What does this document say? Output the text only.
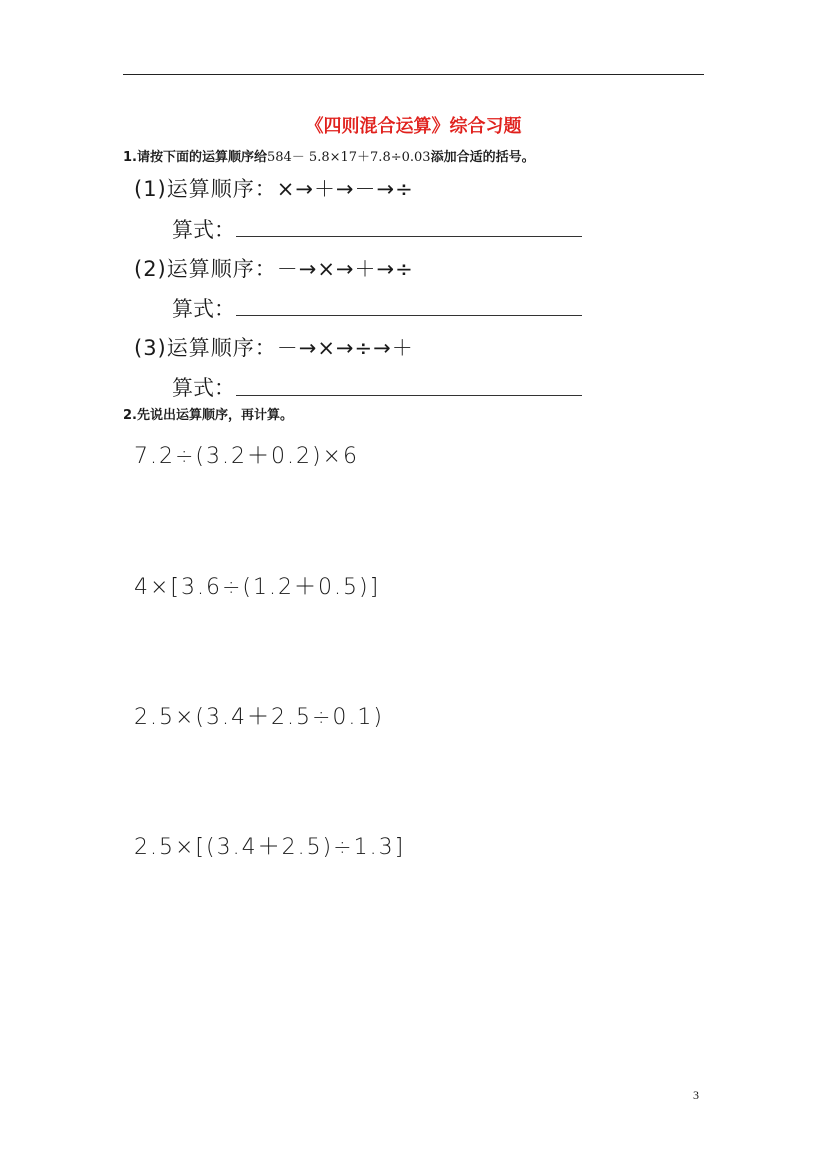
《四则混合运算》综合习题
1.请按下面的运算顺序给584－ 5.8×17＋7.8÷0.03添加合适的括号。
(1)运算顺序：×→＋→－→÷
算式：
(2)运算顺序：－→×→＋→÷
算式：
(3)运算顺序：－→×→÷→＋
算式：
2.先说出运算顺序，再计算。
7.2÷(3.2＋0.2)×6
4×[3.6÷(1.2＋0.5)]
2.5×(3.4＋2.5÷0.1)
2.5×[(3.4＋2.5)÷1.3]
3
